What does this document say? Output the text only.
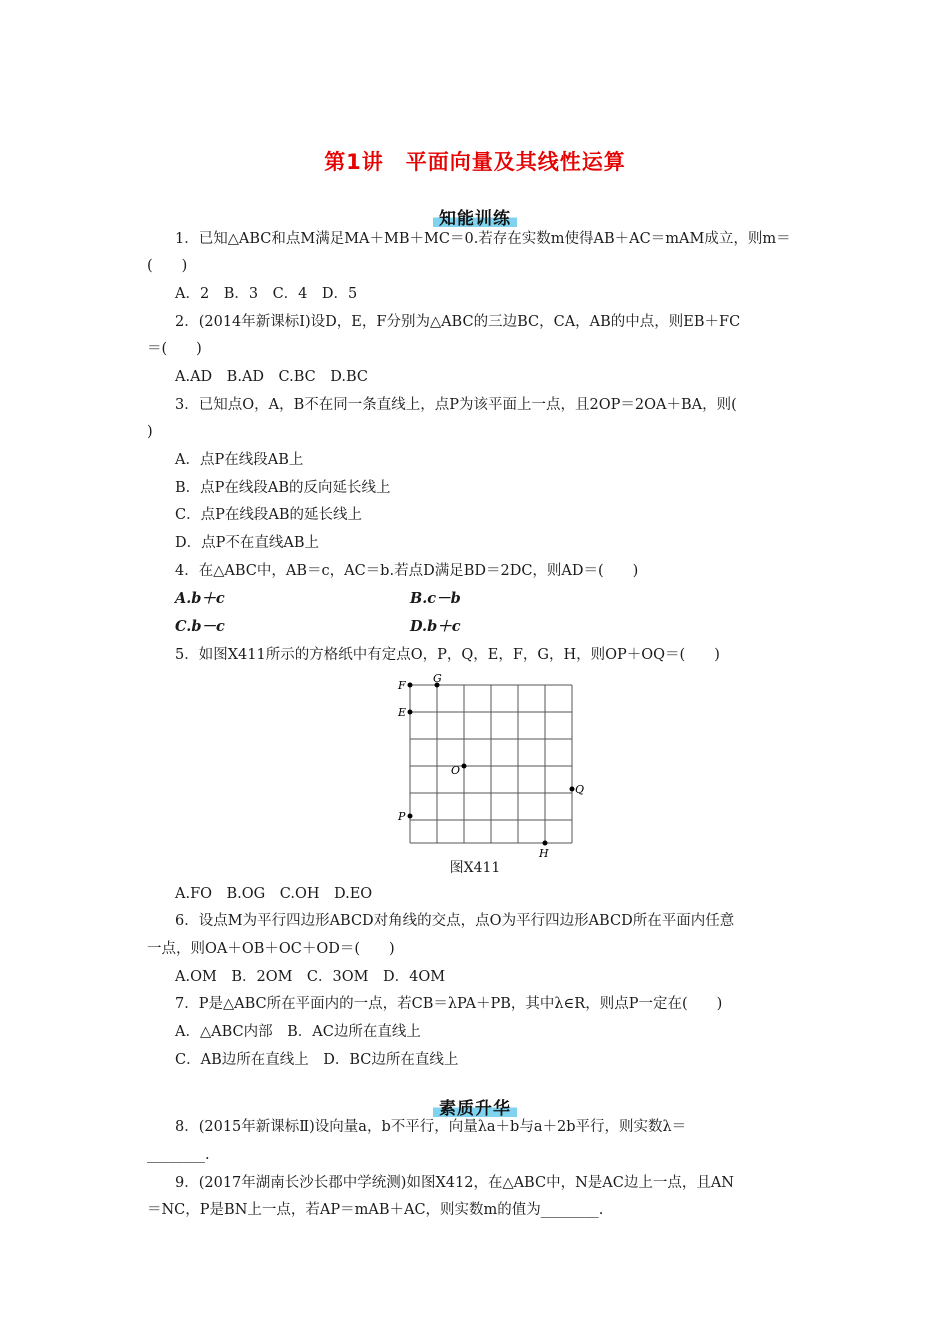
第1讲　平面向量及其线性运算
知能训练
1．已知△ABC和点M满足MA＋MB＋MC＝0.若存在实数m使得AB＋AC＝mAM成立，则m＝
(　　)
A．2　B．3　C．4　D．5
2．(2014年新课标Ⅰ)设D，E，F分别为△ABC的三边BC，CA，AB的中点，则EB＋FC
＝(　　)
A.AD　B.AD　C.BC　D.BC
3．已知点O，A，B不在同一条直线上，点P为该平面上一点，且2OP＝2OA＋BA，则(
)
A．点P在线段AB上
B．点P在线段AB的反向延长线上
C．点P在线段AB的延长线上
D．点P不在直线AB上
4．在△ABC中，AB＝c，AC＝b.若点D满足BD＝2DC，则AD＝(　　)
A.b＋c	B.c－b
C.b－c	D.b＋c
5．如图X411所示的方格纸中有定点O，P，Q，E，F，G，H，则OP＋OQ＝(　　)
F
G
E
O
Q
P
H
图X411
A.FO　B.OG　C.OH　D.EO
6．设点M为平行四边形ABCD对角线的交点，点O为平行四边形ABCD所在平面内任意
一点，则OA＋OB＋OC＋OD＝(　　)
A.OM　B．2OM　C．3OM　D．4OM
7．P是△ABC所在平面内的一点，若CB＝λPA＋PB，其中λ∈R，则点P一定在(　　)
A．△ABC内部　B．AC边所在直线上
C．AB边所在直线上　D．BC边所在直线上
素质升华
8．(2015年新课标Ⅱ)设向量a，b不平行，向量λa＋b与a＋2b平行，则实数λ＝
________.
9．(2017年湖南长沙长郡中学统测)如图X412，在△ABC中，N是AC边上一点，且AN
＝NC，P是BN上一点，若AP＝mAB＋AC，则实数m的值为________.
